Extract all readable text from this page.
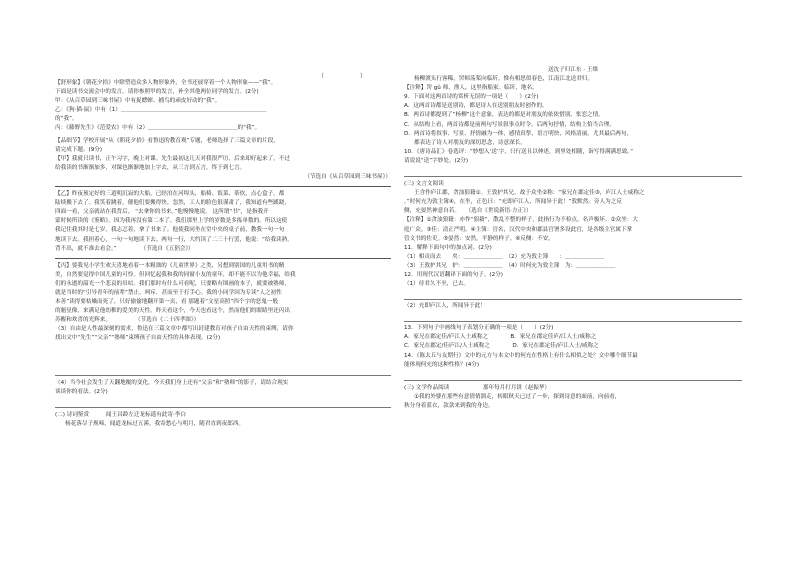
（　　　　　　）
【舒形象】《朝花夕拾》中除塑造众多人物形象外，全书还展穿着一个人物形象——“我”。
下面是读书交流会中的发言，请你参照甲的发言，补全其他两位同学的发言。(2分)
甲：《从百草园到三味书屋》中有捉蟋蟀、捕鸟的顽皮好动的“我”。
乙：《狗·猫·鼠》中有（1）＿＿＿＿＿＿＿＿＿＿＿＿＿＿＿＿＿＿＿＿＿＿＿＿＿＿
的“我”。
丙：《藤野先生》《范爱农》中有（2）＿＿＿＿＿＿＿＿＿＿＿＿＿＿＿＿的“我”。
【品细节】学校开展“从《朝花夕拾》看鲁迅的教育观”专题，老师选择了三篇文章的片段，
请完成下题。(9分)
【甲】我就只读书，正午习字，晚上对课。先生最初这几天对我很严厉，后来却好起来了，不过
给我读的书渐渐加多，对课也渐渐地加上字去，从三言到五言，终于到七言。
（节选自《从百草园到三味书屋》）
【乙】昨夜预定好的三道明沉寂的大船，已经泊在河埠头，船椅、饭菜、茶炊，点心盒子，都
陆续搬下去了。我笑着跳着，催他们要搬得快。忽然，工人的脸色很谨肃了，我知道有些蹊跷，
四面一看，父亲就站在我背后。 “去拿你的书来。”他慢慢地说。 这所谓“书”，是指我开
蒙时候所读的《鉴略》。因为我再没有第二本了。我们那里上学的岁数是多拣单数的，所以这使
我记住我其时是七岁。我忐忑着，拿了书来了。他使我同坐在堂中央的桌子前，教我一句一句
地读下去。我担着心，一句一句地读下去。两句一行，大约读了二三十行罢，他说：“给我读熟。
背不出，就不准去看会。”	（节选自《五猖会》）
【丙】要我见小学生欢天喜地看着一本粗拙的《儿童世界》之类，另想到别国的儿童用书的精
美，自然要觉得中国儿童的可怜。但回忆起我和我的同窗小友的童年，却不能不以为他幸福，给我
们的永逝的韶光一个悲哀的吊唁。我们那时有什么可看呢，只要略有图画的本子，就要被塾师，
就是当时的“引导青年的前辈”禁止，呵斥，甚而至于打手心。我的小同学因为专读“人之初性
本善”读得要枯燥而死了，只好偷偷地翻开第一页，看 那题着“文星高照”四个字的恶鬼一般
的魁星像，来满足他幼稚的爱美的天性。昨天看这个，今天也看这个，然而他们的眼睛里还闪出
苏醒和欢喜的光辉来。	（节选自《二十四孝图》）
（3）自由是人性最深刻的需求，鲁迅在三篇文章中都写出封建教育对孩子自由天性的束缚，请你
找出文中“先生”“父亲”“塾师”束缚孩子自由天性的具体表现。(2分)
（4）当今社会发生了天翻地覆的变化，今天我们身上还有“父亲”和“塾师”的影子，请结合现实
谈谈你的看法。(2分)
(二) 诗词鉴赏　　　闻王昌龄左迁龙标遥有此寄·李白
杨花落尽子规啼，闻道龙标过五溪。我寄愁心与明月，随君直到夜郎西。
送沈子归江东 · 王维
杨柳渡头行客稀，罟师荡桨向临圻。惟有相思似春色，江南江北送君归。
【注释】罟 gǔ 师，渔人，这里指船家。临圻，地名。
9．下面对这两首诗的赏析无误的一项是（　　）(2分)
A．这两首诗都是送别诗，都是诗人在送别朋友时创作的。
B．两首诗都提到了“杨柳”这个意象，表达的都是对朋友的依依惜别、怅恋之情。
C．从结构上看，两首诗都是前两句写景叙事点时令，后两句抒情，结构上恰当合理。
D．两首诗将叙事、写景、抒情融为一体，感情真挚，语言明快，风格清丽。尤其最后两句，
都表达了诗人对朋友的深切思念，诗意深长。
10．《唐诗品汇》卷选评：“妙想入‘送’字，只行送且以伸述，到里处相随，诣写得满满思致。”
请说说“送”字妙处。(2分)
(三) 文言文阅读
王含作庐江郡，贪浊狼籍①。王敦护其兄，故于众坐②称：“家兄在郡定佳③，庐江人士咸称之
。”时何充为敦主簿④，在坐，正色曰：“充即庐江人，所闻异于此！”敦默然。旁人为之反
侧，充晏然神意自若。　　（选自《世说新语·方正》）
【注释】①贪浊狼籍：亦作“狼藉”，散乱不整的样子，此指行为不检点，名声极坏。②众坐：大
庭广众。③佳：清正严明。④主簿：官名，汉代中央和郡县官署多设此官，是各级主官属下掌
管文书的佐吏。⑤晏然：安然，平静的样子。⑥反侧：不安。
11．解释下面句中的加点词。(2分)
（1）相贡而去　　矣：＿＿＿＿＿＿＿　（2）充为敦主簿　　：＿＿＿＿＿＿＿
（3）王敦护其兄　护：＿＿＿＿＿＿＿　（4）时何充为敦主簿　为：＿＿＿＿＿＿＿
12．用现代汉语翻译下面的句子。(2分)
（1）待君久不至，已去。
（2）充即庐江人，所闻异于此！
13．下列句子中画线句子表划分正确的一项是（　　）(2分)
A．家兄在郡定佳/庐江人士咸称之　　　　B．家兄在郡定佳庐/江人士/咸称之
C．家兄在郡定/佳庐江/人士咸称之　　　　D．家兄在郡定佳/庐江人士/咸称之
14．《陈太丘与友期行》文中的元方与本文中的何充在性格上有什么相似之处？文中哪个细节最
能体现何充的这种性格？(4分)
(三) 文学作品阅读　　　　　　那年每月打月饼（赵振华）
①我的外婆在那些有意情情溜走，转眼秋天已过了一步，探到诗意的面前，向前看，
秋分身着蓝衣，款款来到我的身边。
